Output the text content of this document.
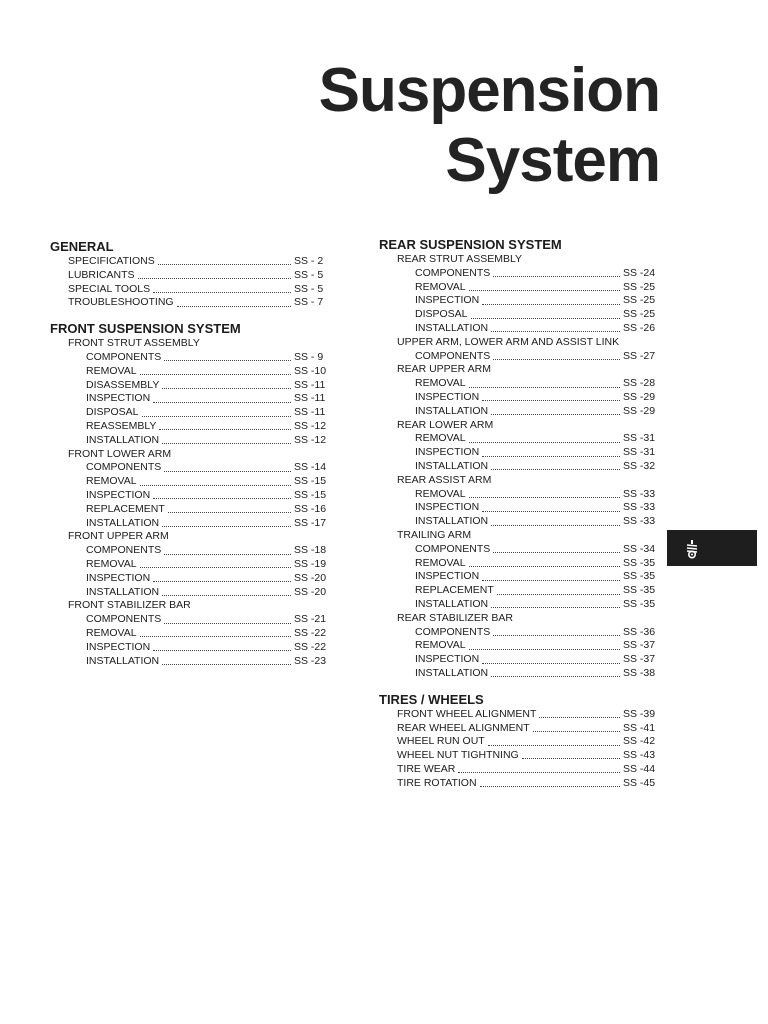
Suspension
System
GENERAL
SPECIFICATIONS	SS - 2
LUBRICANTS	SS - 5
SPECIAL TOOLS	SS - 5
TROUBLESHOOTING	SS - 7
FRONT SUSPENSION SYSTEM
FRONT STRUT ASSEMBLY
COMPONENTS	SS - 9
REMOVAL	SS -10
DISASSEMBLY	SS -11
INSPECTION	SS -11
DISPOSAL	SS -11
REASSEMBLY	SS -12
INSTALLATION	SS -12
FRONT LOWER ARM
COMPONENTS	SS -14
REMOVAL	SS -15
INSPECTION	SS -15
REPLACEMENT	SS -16
INSTALLATION	SS -17
FRONT UPPER ARM
COMPONENTS	SS -18
REMOVAL	SS -19
INSPECTION	SS -20
INSTALLATION	SS -20
FRONT STABILIZER BAR
COMPONENTS	SS -21
REMOVAL	SS -22
INSPECTION	SS -22
INSTALLATION	SS -23
REAR SUSPENSION SYSTEM
REAR STRUT ASSEMBLY
COMPONENTS	SS -24
REMOVAL	SS -25
INSPECTION	SS -25
DISPOSAL	SS -25
INSTALLATION	SS -26
UPPER ARM, LOWER ARM AND ASSIST LINK
COMPONENTS	SS -27
REAR UPPER ARM
REMOVAL	SS -28
INSPECTION	SS -29
INSTALLATION	SS -29
REAR LOWER ARM
REMOVAL	SS -31
INSPECTION	SS -31
INSTALLATION	SS -32
REAR ASSIST ARM
REMOVAL	SS -33
INSPECTION	SS -33
INSTALLATION	SS -33
TRAILING ARM
COMPONENTS	SS -34
REMOVAL	SS -35
INSPECTION	SS -35
REPLACEMENT	SS -35
INSTALLATION	SS -35
REAR STABILIZER BAR
COMPONENTS	SS -36
REMOVAL	SS -37
INSPECTION	SS -37
INSTALLATION	SS -38
TIRES / WHEELS
FRONT WHEEL ALIGNMENT	SS -39
REAR WHEEL ALIGNMENT	SS -41
WHEEL RUN OUT	SS -42
WHEEL NUT TIGHTNING	SS -43
TIRE WEAR	SS -44
TIRE ROTATION	SS -45
